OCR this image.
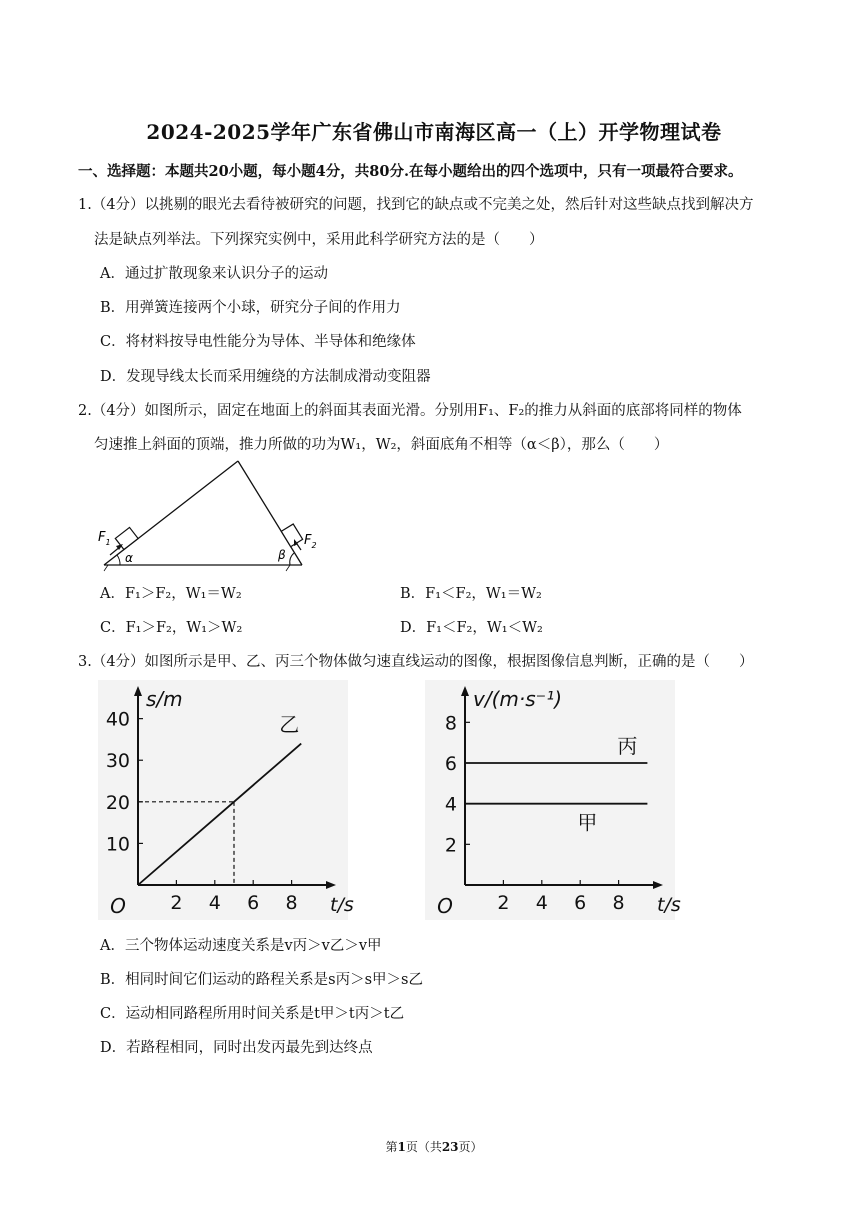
2024-2025学年广东省佛山市南海区高一（上）开学物理试卷
一、选择题：本题共20小题，每小题4分，共80分.在每小题给出的四个选项中，只有一项最符合要求。
1.（4分）以挑剔的眼光去看待被研究的问题，找到它的缺点或不完美之处，然后针对这些缺点找到解决方
法是缺点列举法。下列探究实例中，采用此科学研究方法的是（　　）
A．通过扩散现象来认识分子的运动
B．用弹簧连接两个小球，研究分子间的作用力
C．将材料按导电性能分为导体、半导体和绝缘体
D．发现导线太长而采用缠绕的方法制成滑动变阻器
2.（4分）如图所示，固定在地面上的斜面其表面光滑。分别用F₁、F₂的推力从斜面的底部将同样的物体
匀速推上斜面的顶端，推力所做的功为W₁，W₂，斜面底角不相等（α＜β），那么（　　）
$F_1$	$F_2$
α	β
A．F₁＞F₂，W₁＝W₂	B．F₁＜F₂，W₁＝W₂
C．F₁＞F₂，W₁＞W₂	D．F₁＜F₂，W₁＜W₂
3.（4分）如图所示是甲、乙、丙三个物体做匀速直线运动的图像，根据图像信息判断，正确的是（　　）
2 4 6 8
10
20
30
40
O	t/s
s/m
乙
2 4 6 8
2
4
6
8
O	t/s
v/(m·s⁻¹)
丙
甲
A．三个物体运动速度关系是v丙＞v乙＞v甲
B．相同时间它们运动的路程关系是s丙＞s甲＞s乙
C．运动相同路程所用时间关系是t甲＞t丙＞t乙
D．若路程相同，同时出发丙最先到达终点
第1页（共23页）
